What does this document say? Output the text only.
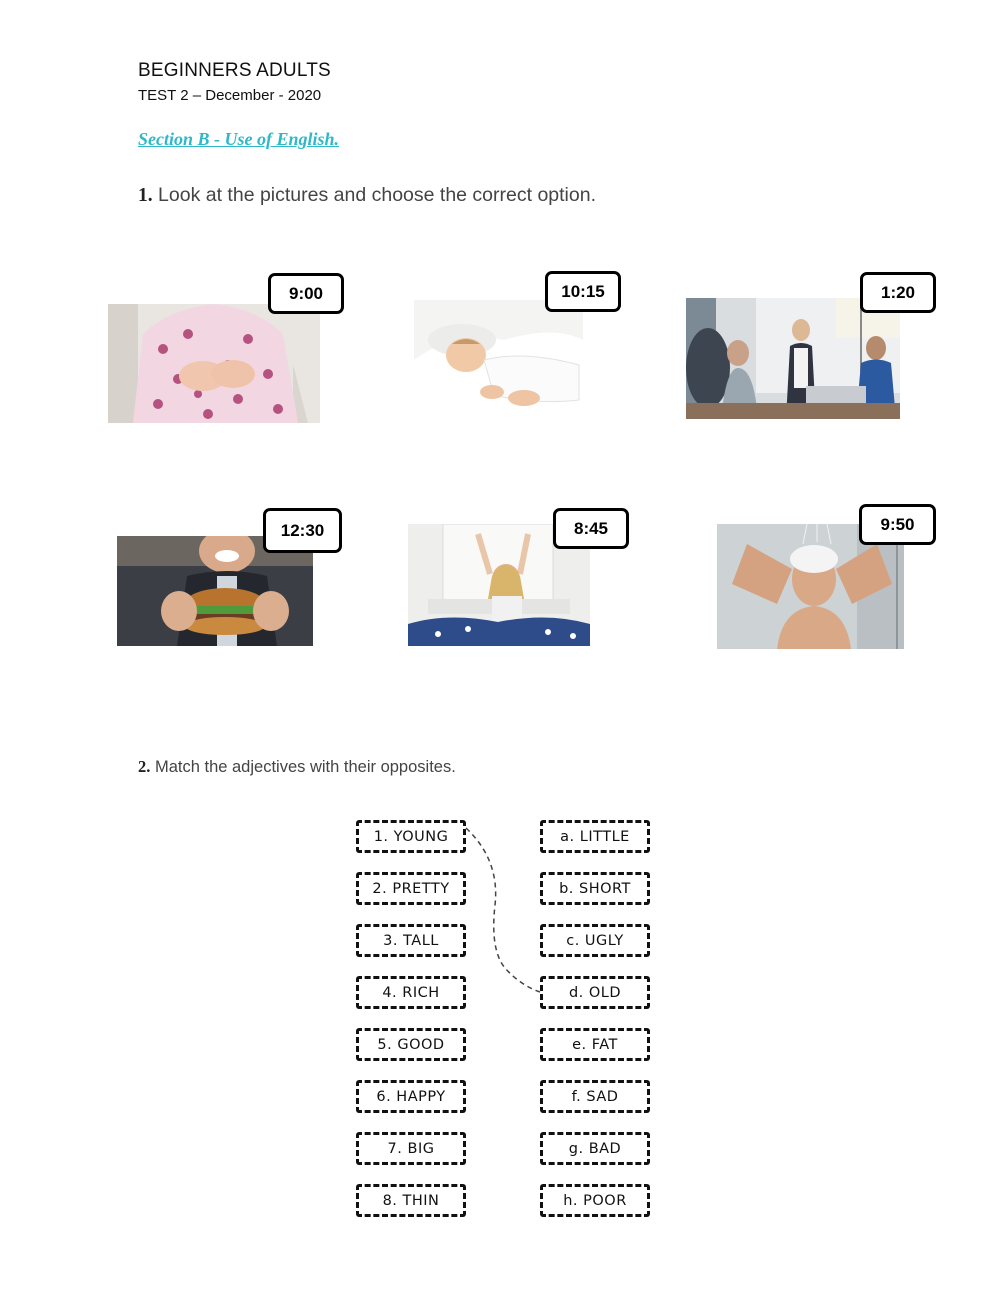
BEGINNERS ADULTS
TEST 2 – December - 2020
Section B - Use of English.
1. Look at the pictures and choose the correct option.
9:00	10:15	1:20
12:30	8:45	9:50
2. Match the adjectives with their opposites.
1. YOUNG
2. PRETTY
3. TALL
4. RICH
5. GOOD
6. HAPPY
7. BIG
8. THIN
a. LITTLE
b. SHORT
c. UGLY
d. OLD
e. FAT
f. SAD
g. BAD
h. POOR
